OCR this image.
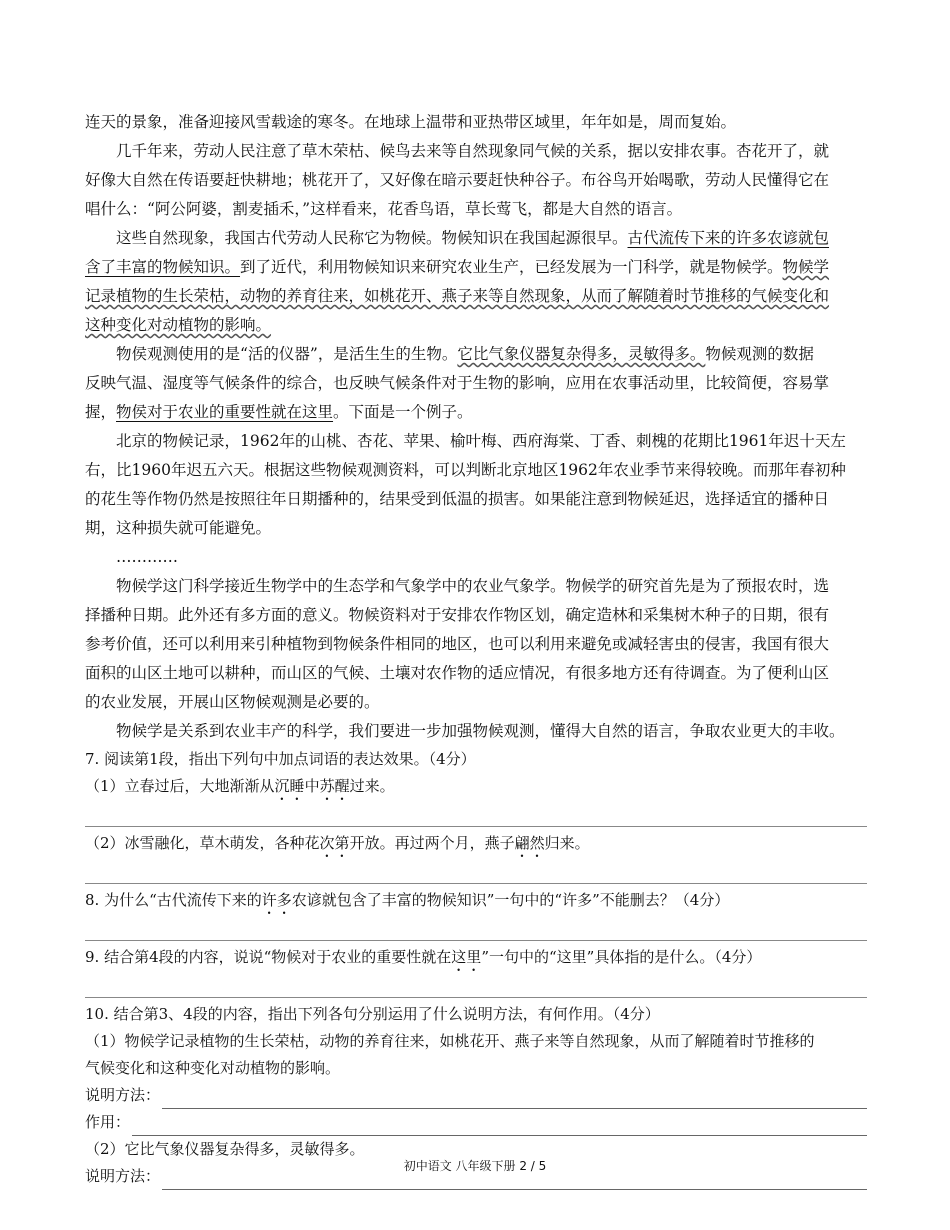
连天的景象，准备迎接风雪载途的寒冬。在地球上温带和亚热带区域里，年年如是，周而复始。
几千年来，劳动人民注意了草木荣枯、候鸟去来等自然现象同气候的关系，据以安排农事。杏花开了，就
好像大自然在传语要赶快耕地；桃花开了，又好像在暗示要赶快种谷子。布谷鸟开始喝歌，劳动人民懂得它在
唱什么：“阿公阿婆，割麦插禾，”这样看来，花香鸟语，草长莺飞，都是大自然的语言。
这些自然现象，我国古代劳动人民称它为物候。物候知识在我国起源很早。古代流传下来的许多农谚就包
含了丰富的物候知识。到了近代，利用物候知识来研究农业生产，已经发展为一门科学，就是物候学。物候学
记录植物的生长荣枯，动物的养育往来，如桃花开、燕子来等自然现象，从而了解随着时节推移的气候变化和
这种变化对动植物的影响。
物侯观测使用的是“活的仪器”，是活生生的生物。它比气象仪器复杂得多，灵敏得多。物候观测的数据
反映气温、湿度等气候条件的综合，也反映气候条件对于生物的影响，应用在农事活动里，比较简便，容易掌
握，物侯对于农业的重要性就在这里。下面是一个例子。
北京的物候记录，1962年的山桃、杏花、苹果、榆叶梅、西府海棠、丁香、刺槐的花期比1961年迟十天左
右，比1960年迟五六天。根据这些物候观测资料，可以判断北京地区1962年农业季节来得较晚。而那年春初种
的花生等作物仍然是按照往年日期播种的，结果受到低温的损害。如果能注意到物候延迟，选择适宜的播种日
期，这种损失就可能避免。
…………
物候学这门科学接近生物学中的生态学和气象学中的农业气象学。物候学的研究首先是为了预报农时，选
择播种日期。此外还有多方面的意义。物候资料对于安排农作物区划，确定造林和采集树木种子的日期，很有
参考价值，还可以利用来引种植物到物候条件相同的地区，也可以利用来避免或减轻害虫的侵害，我国有很大
面积的山区土地可以耕种，而山区的气候、土壤对农作物的适应情况，有很多地方还有待调查。为了便利山区
的农业发展，开展山区物候观测是必要的。
物候学是关系到农业丰产的科学，我们要进一步加强物候观测，懂得大自然的语言，争取农业更大的丰收。
7. 阅读第1段，指出下列句中加点词语的表达效果。（4分）
（1）立春过后，大地渐渐从沉睡中苏醒过来。
（2）冰雪融化，草木萌发，各种花次第开放。再过两个月，燕子翩然归来。
8. 为什么“古代流传下来的许多农谚就包含了丰富的物候知识”一句中的“许多”不能删去？（4分）
9. 结合第4段的内容，说说“物候对于农业的重要性就在这里”一句中的“这里”具体指的是什么。（4分）
10. 结合第3、4段的内容，指出下列各句分别运用了什么说明方法，有何作用。（4分）
（1）物候学记录植物的生长荣枯，动物的养育往来，如桃花开、燕子来等自然现象，从而了解随着时节推移的
气候变化和这种变化对动植物的影响。
说明方法：
作用：
（2）它比气象仪器复杂得多，灵敏得多。
说明方法：
初中语文 八年级下册 2 / 5
